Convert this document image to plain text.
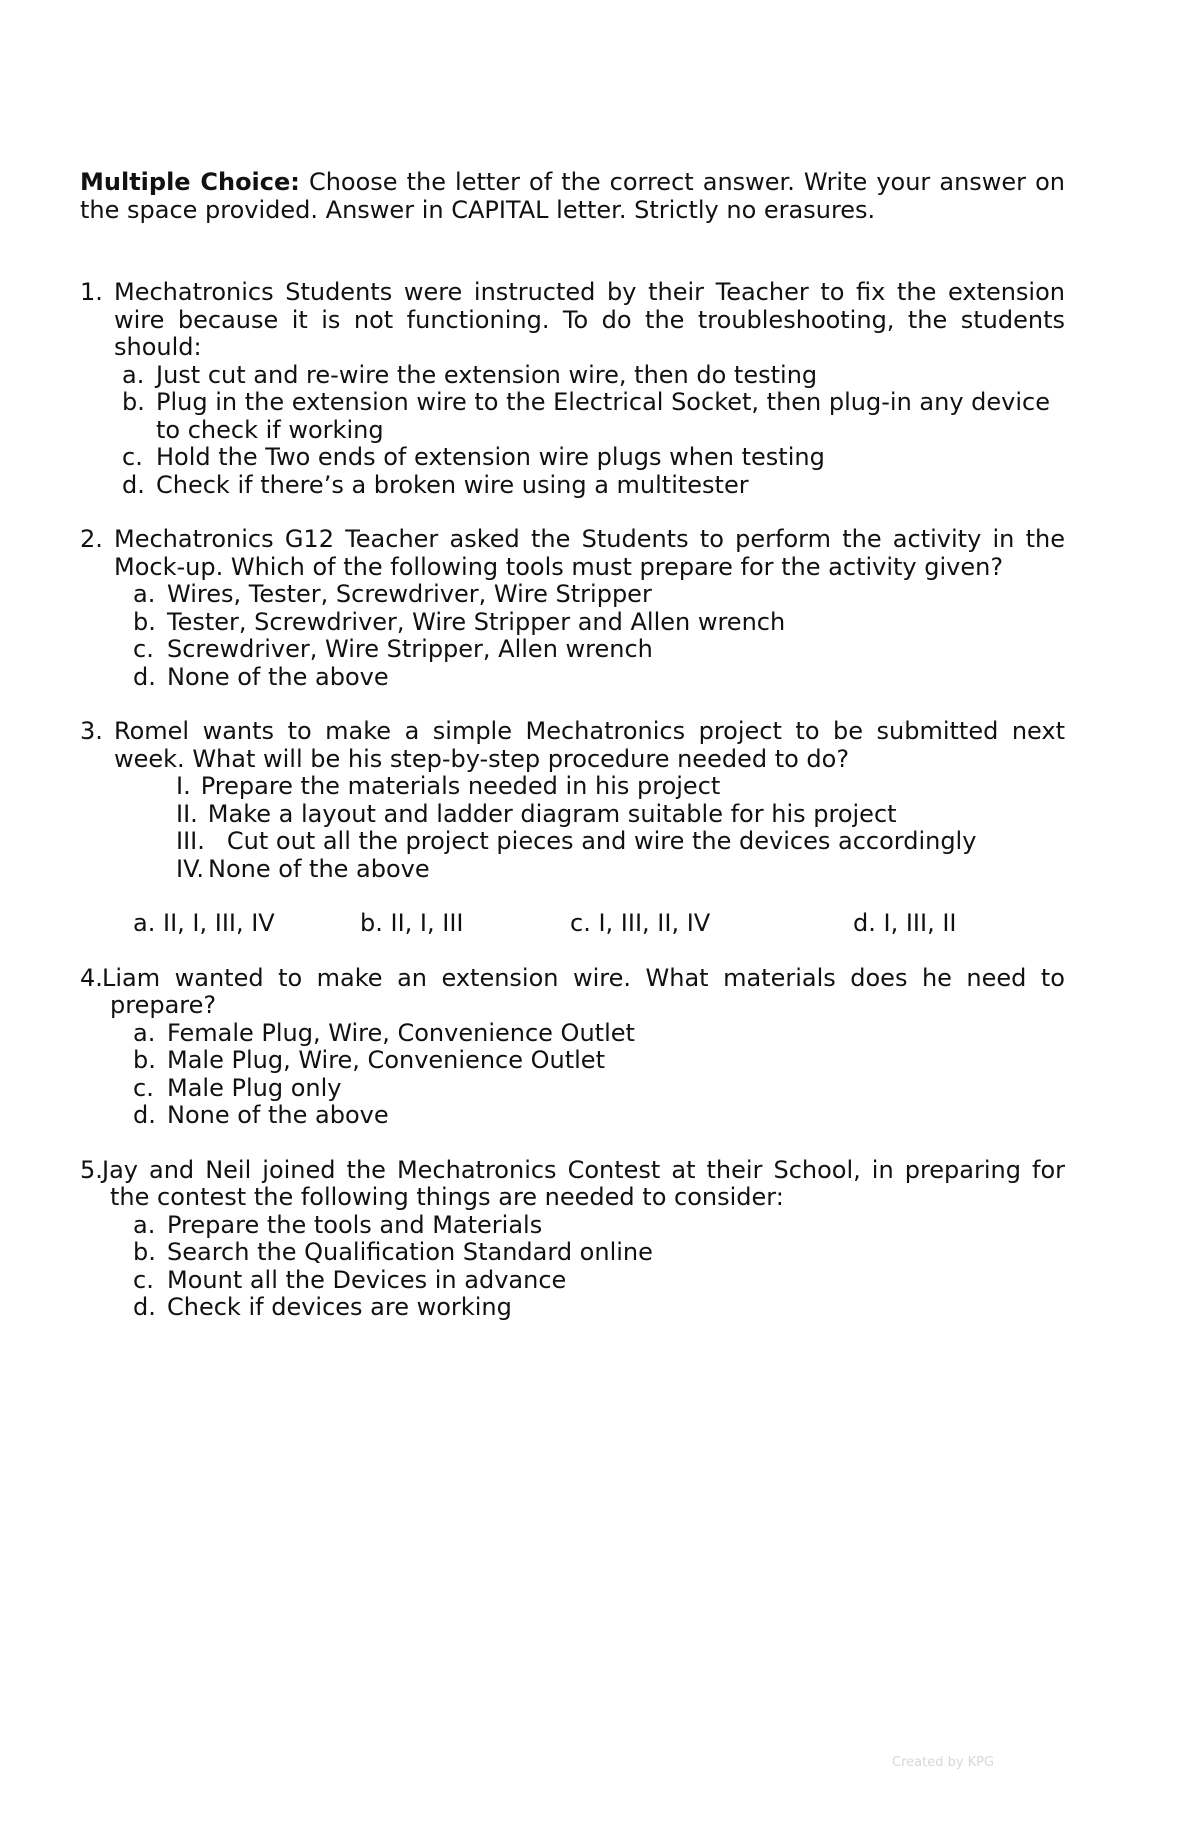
Multiple Choice: Choose the letter of the correct answer. Write your answer on the space provided. Answer in CAPITAL letter. Strictly no erasures.

1. Mechatronics Students were instructed by their Teacher to fix the extension wire because it is not functioning. To do the troubleshooting, the students should:
a. Just cut and re-wire the extension wire, then do testing
b. Plug in the extension wire to the Electrical Socket, then plug-in any device to check if working
c. Hold the Two ends of extension wire plugs when testing
d. Check if there’s a broken wire using a multitester
2. Mechatronics G12 Teacher asked the Students to perform the activity in the Mock-up. Which of the following tools must prepare for the activity given?
a. Wires, Tester, Screwdriver, Wire Stripper
b. Tester, Screwdriver, Wire Stripper and Allen wrench
c. Screwdriver, Wire Stripper, Allen wrench
d. None of the above
3. Romel wants to make a simple Mechatronics project to be submitted next week. What will be his step-by-step procedure needed to do?
I. Prepare the materials needed in his project
II. Make a layout and ladder diagram suitable for his project
III. Cut out all the project pieces and wire the devices accordingly
IV. None of the above
a. II, I, III, IV	b. II, I, III	c. I, III, II, IV	d. I, III, II
4. Liam wanted to make an extension wire. What materials does he need to prepare?
a. Female Plug, Wire, Convenience Outlet
b. Male Plug, Wire, Convenience Outlet
c. Male Plug only
d. None of the above
5. Jay and Neil joined the Mechatronics Contest at their School, in preparing for the contest the following things are needed to consider:
a. Prepare the tools and Materials
b. Search the Qualification Standard online
c. Mount all the Devices in advance
d. Check if devices are working
Created by KPG
